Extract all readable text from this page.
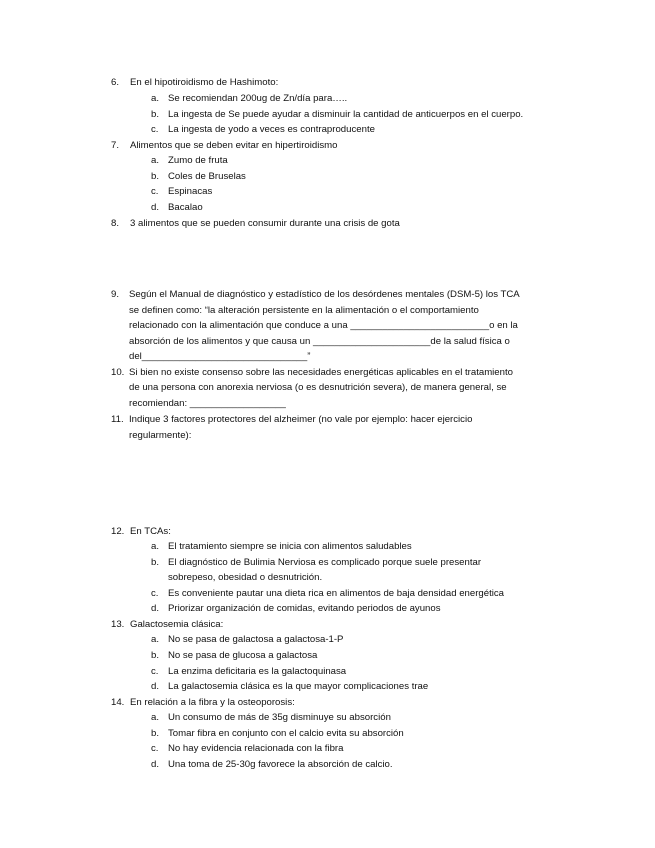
6. En el hipotiroidismo de Hashimoto:
a. Se recomiendan 200ug de Zn/día para…..
b. La ingesta de Se puede ayudar a disminuir la cantidad de anticuerpos en el cuerpo.
c. La ingesta de yodo a veces es contraproducente
7. Alimentos que se deben evitar en hipertiroidismo
a. Zumo de fruta
b. Coles de Bruselas
c. Espinacas
d. Bacalao
8. 3 alimentos que se pueden consumir durante una crisis de gota
9. Según el Manual de diagnóstico y estadístico de los desórdenes mentales (DSM-5) los TCA
se definen como: “la alteración persistente en la alimentación o el comportamiento
relacionado con la alimentación que conduce a una __________________________o en la
absorción de los alimentos y que causa un ______________________de la salud física o
del_______________________________”
10. Si bien no existe consenso sobre las necesidades energéticas aplicables en el tratamiento
de una persona con anorexia nerviosa (o es desnutrición severa), de manera general, se
recomiendan: __________________
11. Indique 3 factores protectores del alzheimer (no vale por ejemplo: hacer ejercicio
regularmente):
12. En TCAs:
a. El tratamiento siempre se inicia con alimentos saludables
b. El diagnóstico de Bulimia Nerviosa es complicado porque suele presentar
sobrepeso, obesidad o desnutrición.
c. Es conveniente pautar una dieta rica en alimentos de baja densidad energética
d. Priorizar organización de comidas, evitando periodos de ayunos
13. Galactosemia clásica:
a. No se pasa de galactosa a galactosa-1-P
b. No se pasa de glucosa a galactosa
c. La enzima deficitaria es la galactoquinasa
d. La galactosemia clásica es la que mayor complicaciones trae
14. En relación a la fibra y la osteoporosis:
a. Un consumo de más de 35g disminuye su absorción
b. Tomar fibra en conjunto con el calcio evita su absorción
c. No hay evidencia relacionada con la fibra
d. Una toma de 25-30g favorece la absorción de calcio.
